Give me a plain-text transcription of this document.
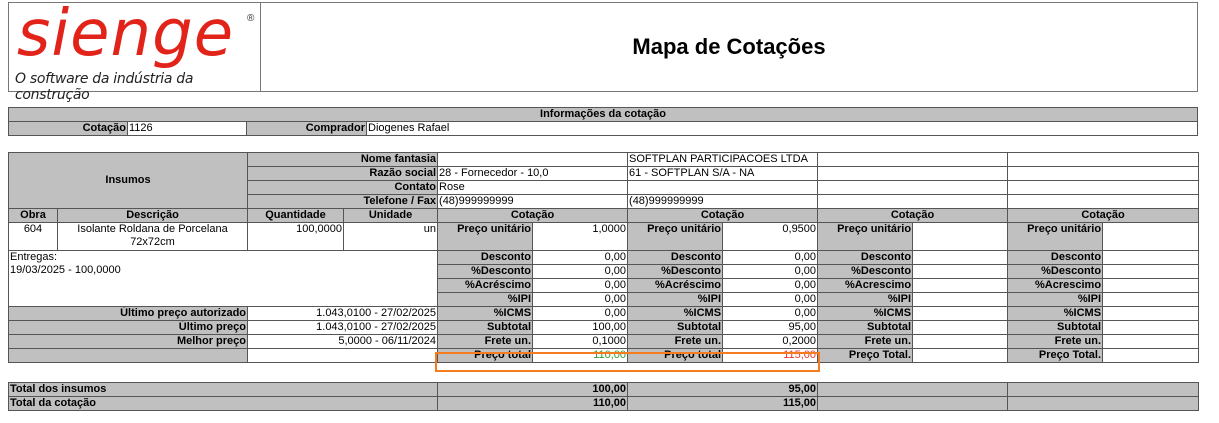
sienge ®
O software da indústria da construção
Mapa de Cotações
Informações da cotação
Cotação	1126	Comprador	Diogenes Rafael
Insumos		Nome fantasia				SOFTPLAN PARTICIPACOES LTDA					
		Razão social		28 - Fornecedor - 10,0		61 - SOFTPLAN S/A - NA					
		Contato		Rose							
		Telefone / Fax		(48)999999999		(48)999999999					
Obra	Descrição	Quantidade	Unidade	Cotação		Cotação		Cotação		Cotação	
604	Isolante Roldana de Porcelana 72x72cm	100,0000	un	Preço unitário	1,0000	Preço unitário	0,9500	Preço unitário		Preço unitário	
Entregas:
19/03/2025 - 100,0000				Desconto	0,00	Desconto	0,00	Desconto		Desconto	
				%Desconto	0,00	%Desconto	0,00	%Desconto		%Desconto	
				%Acréscimo	0,00	%Acréscimo	0,00	%Acrescimo		%Acrescimo	
				%IPI	0,00	%IPI	0,00	%IPI		%IPI	
Último preço autorizado		1.043,0100 - 27/02/2025		%ICMS	0,00	%ICMS	0,00	%ICMS		%ICMS	
Último preço		1.043,0100 - 27/02/2025		Subtotal	100,00	Subtotal	95,00	Subtotal		Subtotal	
Melhor preço		5,0000 - 06/11/2024		Frete un.	0,1000	Frete un.	0,2000	Frete un.		Frete un.	
				Preço total	110,00	Preço total	115,00	Preço Total.		Preço Total.	
Total dos insumos	100,00	95,00		
Total da cotação	110,00	115,00		
